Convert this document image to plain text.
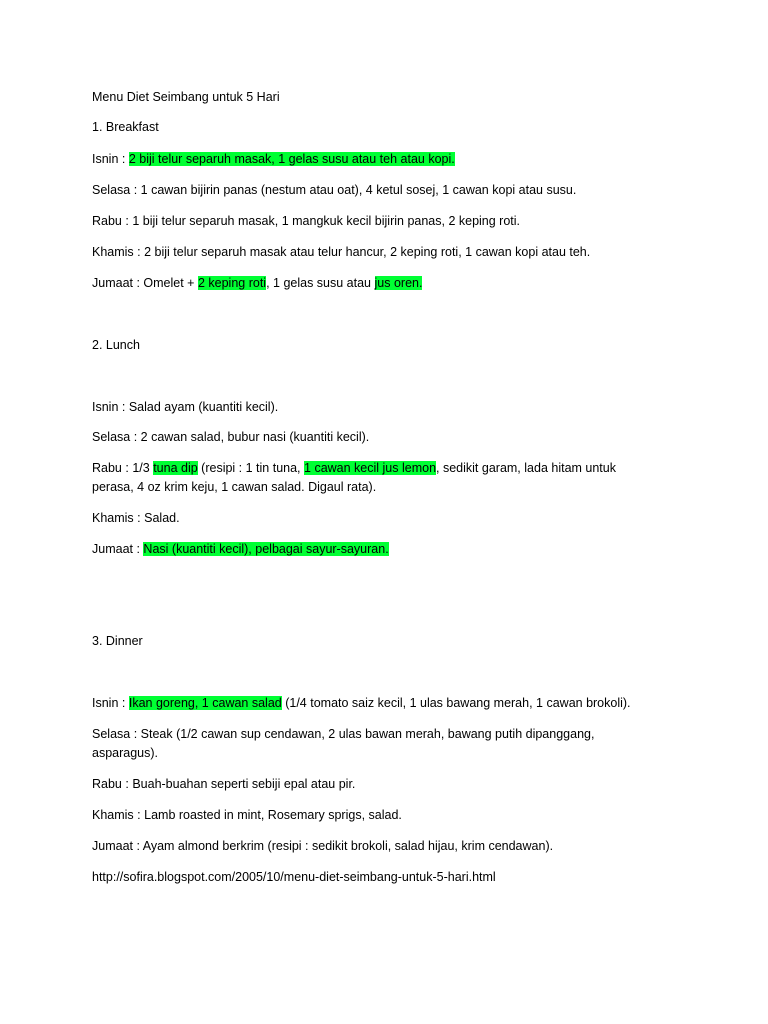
Menu Diet Seimbang untuk 5 Hari
1. Breakfast
Isnin : 2 biji telur separuh masak, 1 gelas susu atau teh atau kopi.
Selasa : 1 cawan bijirin panas (nestum atau oat), 4 ketul sosej, 1 cawan kopi atau susu.
Rabu : 1 biji telur separuh masak, 1 mangkuk kecil bijirin panas, 2 keping roti.
Khamis : 2 biji telur separuh masak atau telur hancur, 2 keping roti, 1 cawan kopi atau teh.
Jumaat : Omelet + 2 keping roti, 1 gelas susu atau jus oren.
2. Lunch
Isnin : Salad ayam (kuantiti kecil).
Selasa : 2 cawan salad, bubur nasi (kuantiti kecil).
Rabu : 1/3 tuna dip (resipi : 1 tin tuna, 1 cawan kecil jus lemon, sedikit garam, lada hitam untuk perasa, 4 oz krim keju, 1 cawan salad. Digaul rata).
Khamis : Salad.
Jumaat : Nasi (kuantiti kecil), pelbagai sayur-sayuran.
3. Dinner
Isnin : Ikan goreng, 1 cawan salad (1/4 tomato saiz kecil, 1 ulas bawang merah, 1 cawan brokoli).
Selasa : Steak (1/2 cawan sup cendawan, 2 ulas bawan merah, bawang putih dipanggang, asparagus).
Rabu : Buah-buahan seperti sebiji epal atau pir.
Khamis : Lamb roasted in mint, Rosemary sprigs, salad.
Jumaat : Ayam almond berkrim (resipi : sedikit brokoli, salad hijau, krim cendawan).
http://sofira.blogspot.com/2005/10/menu-diet-seimbang-untuk-5-hari.html
